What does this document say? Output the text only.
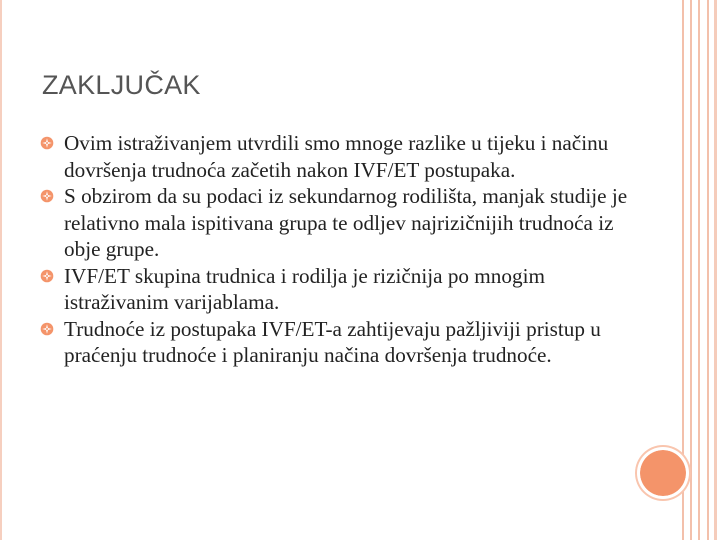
ZAKLJUČAK
Ovim istraživanjem utvrdili smo mnoge razlike u tijeku i načinu dovršenja trudnoća začetih nakon IVF/ET postupaka.
S obzirom da su podaci iz sekundarnog rodilišta, manjak studije je relativno mala ispitivana grupa te odljev najrizičnijih trudnoća iz obje grupe.
IVF/ET skupina trudnica i rodilja je rizičnija po mnogim istraživanim varijablama.
Trudnoće iz postupaka IVF/ET-a zahtijevaju pažljiviji pristup u praćenju trudnoće i planiranju načina dovršenja trudnoće.
